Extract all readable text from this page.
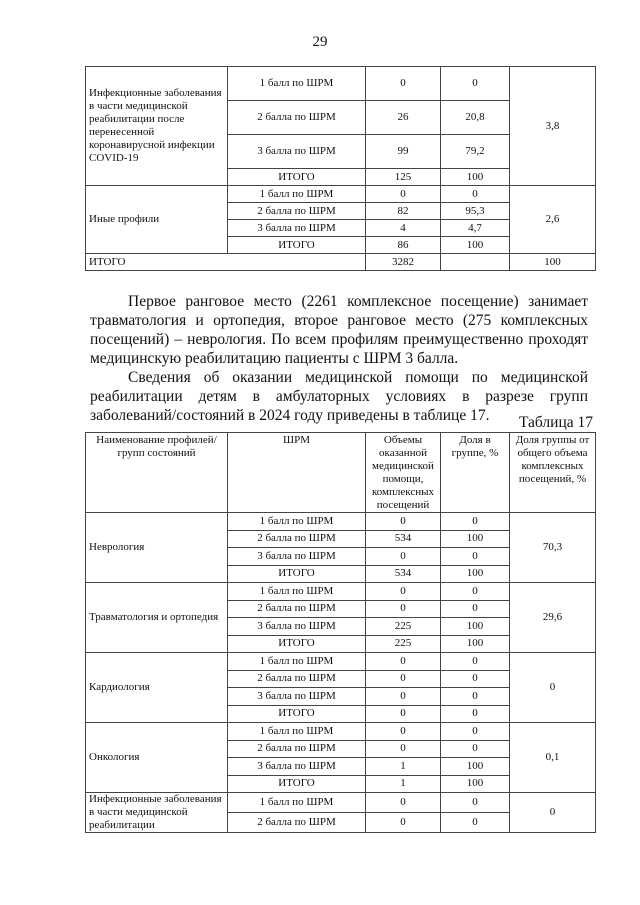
29
Инфекционные заболевания в части медицинской реабилитации после перенесенной коронавирусной инфекции COVID-19	1 балл по ШРМ	0	0	3,8
	2 балла по ШРМ	26	20,8	
	3 балла по ШРМ	99	79,2	
	ИТОГО	125	100	
Иные профили	1 балл по ШРМ	0	0	2,6
	2 балла по ШРМ	82	95,3	
	3 балла по ШРМ	4	4,7	
	ИТОГО	86	100	
ИТОГО		3282		100

Первое ранговое место (2261 комплексное посещение) занимает травматология и ортопедия, второе ранговое место (275 комплексных посещений) – неврология. По всем профилям преимущественно проходят медицинскую реабилитацию пациенты с ШРМ 3 балла.

Сведения об оказании медицинской помощи по медицинской реабилитации детям в амбулаторных условиях в разрезе групп заболеваний/состояний в 2024 году приведены в таблице 17.	Таблица 17
Наименование профилей/групп состояний	ШРМ	Объемы оказанной медицинской помощи, комплексных посещений	Доля в группе, %	Доля группы от общего объема комплексных посещений, %
Неврология	1 балл по ШРМ	0	0	70,3
	2 балла по ШРМ	534	100	
	3 балла по ШРМ	0	0	
	ИТОГО	534	100	
Травматология и ортопедия	1 балл по ШРМ	0	0	29,6
	2 балла по ШРМ	0	0	
	3 балла по ШРМ	225	100	
	ИТОГО	225	100	
Кардиология	1 балл по ШРМ	0	0	0
	2 балла по ШРМ	0	0	
	3 балла по ШРМ	0	0	
	ИТОГО	0	0	
Онкология	1 балл по ШРМ	0	0	0,1
	2 балла по ШРМ	0	0	
	3 балла по ШРМ	1	100	
	ИТОГО	1	100	
Инфекционные заболевания в части медицинской реабилитации	1 балл по ШРМ	0	0	0
	2 балла по ШРМ	0	0	
